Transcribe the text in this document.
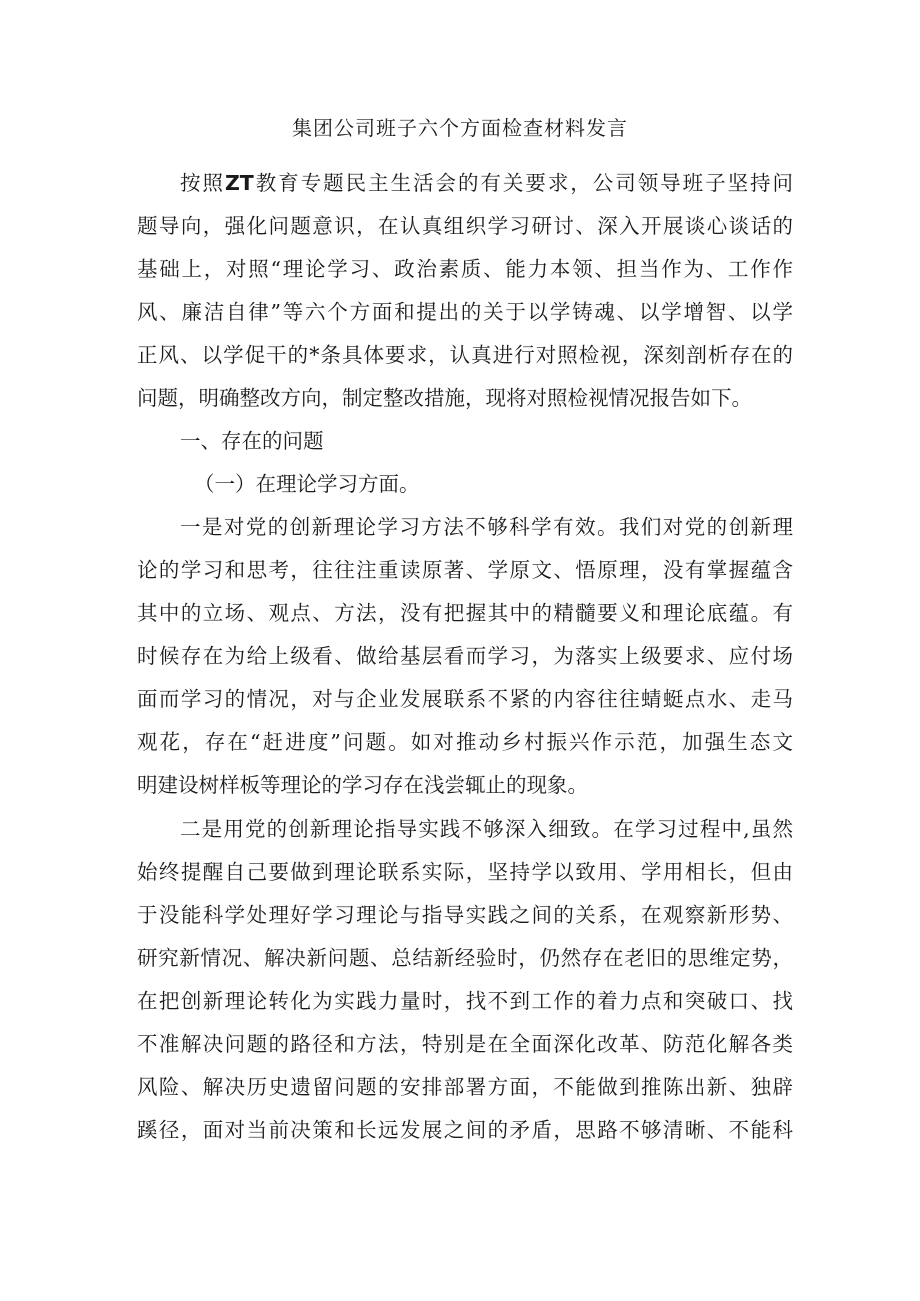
集团公司班子六个方面检查材料发言
按照ZT教育专题民主生活会的有关要求，公司领导班子坚持问
题导向，强化问题意识，在认真组织学习研讨、深入开展谈心谈话的
基础上，对照“理论学习、政治素质、能力本领、担当作为、工作作
风、廉洁自律”等六个方面和提出的关于以学铸魂、以学增智、以学
正风、以学促干的*条具体要求，认真进行对照检视，深刻剖析存在的
问题，明确整改方向，制定整改措施，现将对照检视情况报告如下。
一、存在的问题
（一）在理论学习方面。
一是对党的创新理论学习方法不够科学有效。我们对党的创新理
论的学习和思考，往往注重读原著、学原文、悟原理，没有掌握蕴含
其中的立场、观点、方法，没有把握其中的精髓要义和理论底蕴。有
时候存在为给上级看、做给基层看而学习，为落实上级要求、应付场
面而学习的情况，对与企业发展联系不紧的内容往往蜻蜓点水、走马
观花，存在“赶进度”问题。如对推动乡村振兴作示范，加强生态文
明建设树样板等理论的学习存在浅尝辄止的现象。
二是用党的创新理论指导实践不够深入细致。在学习过程中,虽然
始终提醒自己要做到理论联系实际，坚持学以致用、学用相长，但由
于没能科学处理好学习理论与指导实践之间的关系，在观察新形势、
研究新情况、解决新问题、总结新经验时，仍然存在老旧的思维定势，
在把创新理论转化为实践力量时，找不到工作的着力点和突破口、找
不准解决问题的路径和方法，特别是在全面深化改革、防范化解各类
风险、解决历史遗留问题的安排部署方面，不能做到推陈出新、独辟
蹊径，面对当前决策和长远发展之间的矛盾，思路不够清晰、不能科
